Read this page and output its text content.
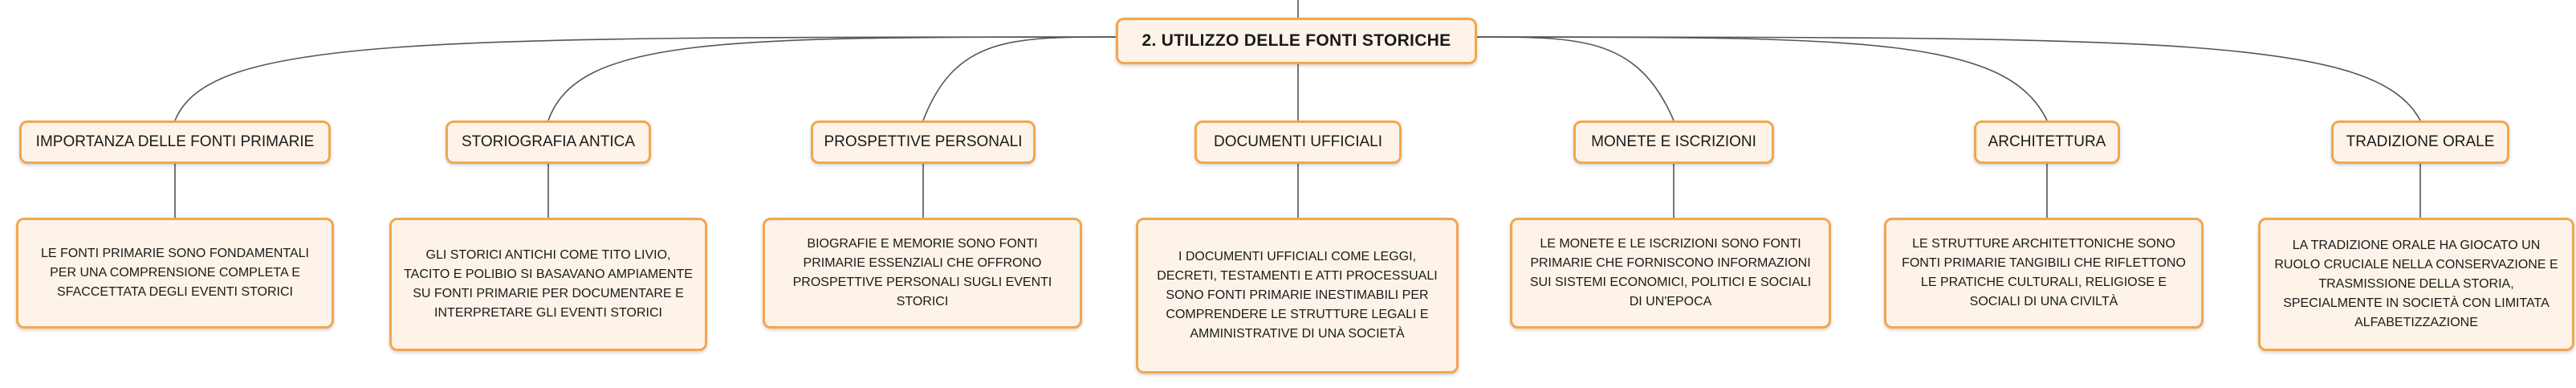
2. UTILIZZO DELLE FONTI STORICHE
IMPORTANZA DELLE FONTI PRIMARIE	STORIOGRAFIA ANTICA	PROSPETTIVE PERSONALI	DOCUMENTI UFFICIALI	MONETE E ISCRIZIONI	ARCHITETTURA	TRADIZIONE ORALE
LE FONTI PRIMARIE SONO FONDAMENTALI PER UNA COMPRENSIONE COMPLETA E SFACCETTATA DEGLI EVENTI STORICI
GLI STORICI ANTICHI COME TITO LIVIO, TACITO E POLIBIO SI BASAVANO AMPIAMENTE SU FONTI PRIMARIE PER DOCUMENTARE E INTERPRETARE GLI EVENTI STORICI
BIOGRAFIE E MEMORIE SONO FONTI PRIMARIE ESSENZIALI CHE OFFRONO PROSPETTIVE PERSONALI SUGLI EVENTI STORICI
I DOCUMENTI UFFICIALI COME LEGGI, DECRETI, TESTAMENTI E ATTI PROCESSUALI SONO FONTI PRIMARIE INESTIMABILI PER COMPRENDERE LE STRUTTURE LEGALI E AMMINISTRATIVE DI UNA SOCIETÀ
LE MONETE E LE ISCRIZIONI SONO FONTI PRIMARIE CHE FORNISCONO INFORMAZIONI SUI SISTEMI ECONOMICI, POLITICI E SOCIALI DI UN'EPOCA
LE STRUTTURE ARCHITETTONICHE SONO FONTI PRIMARIE TANGIBILI CHE RIFLETTONO LE PRATICHE CULTURALI, RELIGIOSE E SOCIALI DI UNA CIVILTÀ
LA TRADIZIONE ORALE HA GIOCATO UN RUOLO CRUCIALE NELLA CONSERVAZIONE E TRASMISSIONE DELLA STORIA, SPECIALMENTE IN SOCIETÀ CON LIMITATA ALFABETIZZAZIONE
